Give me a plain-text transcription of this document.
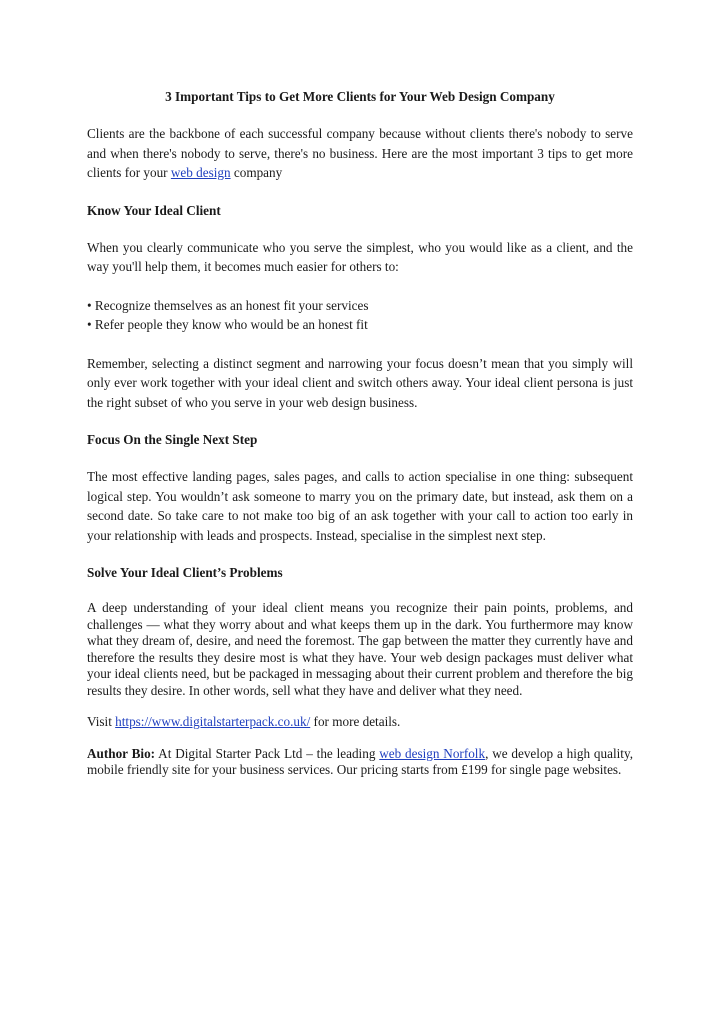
3 Important Tips to Get More Clients for Your Web Design Company

Clients are the backbone of each successful company because without clients there's nobody to serve and when there's nobody to serve, there's no business. Here are the most important 3 tips to get more clients for your web design company

Know Your Ideal Client

When you clearly communicate who you serve the simplest, who you would like as a client, and the way you'll help them, it becomes much easier for others to:

• Recognize themselves as an honest fit your services
• Refer people they know who would be an honest fit

Remember, selecting a distinct segment and narrowing your focus doesn’t mean that you simply will only ever work together with your ideal client and switch others away. Your ideal client persona is just the right subset of who you serve in your web design business.

Focus On the Single Next Step

The most effective landing pages, sales pages, and calls to action specialise in one thing: subsequent logical step. You wouldn’t ask someone to marry you on the primary date, but instead, ask them on a second date. So take care to not make too big of an ask together with your call to action too early in your relationship with leads and prospects. Instead, specialise in the simplest next step.

Solve Your Ideal Client’s Problems

A deep understanding of your ideal client means you recognize their pain points, problems, and challenges — what they worry about and what keeps them up in the dark. You furthermore may know what they dream of, desire, and need the foremost. The gap between the matter they currently have and therefore the results they desire most is what they have. Your web design packages must deliver what your ideal clients need, but be packaged in messaging about their current problem and therefore the big results they desire. In other words, sell what they have and deliver what they need.

Visit https://www.digitalstarterpack.co.uk/ for more details.

Author Bio: At Digital Starter Pack Ltd – the leading web design Norfolk, we develop a high quality, mobile friendly site for your business services. Our pricing starts from £199 for single page websites.
